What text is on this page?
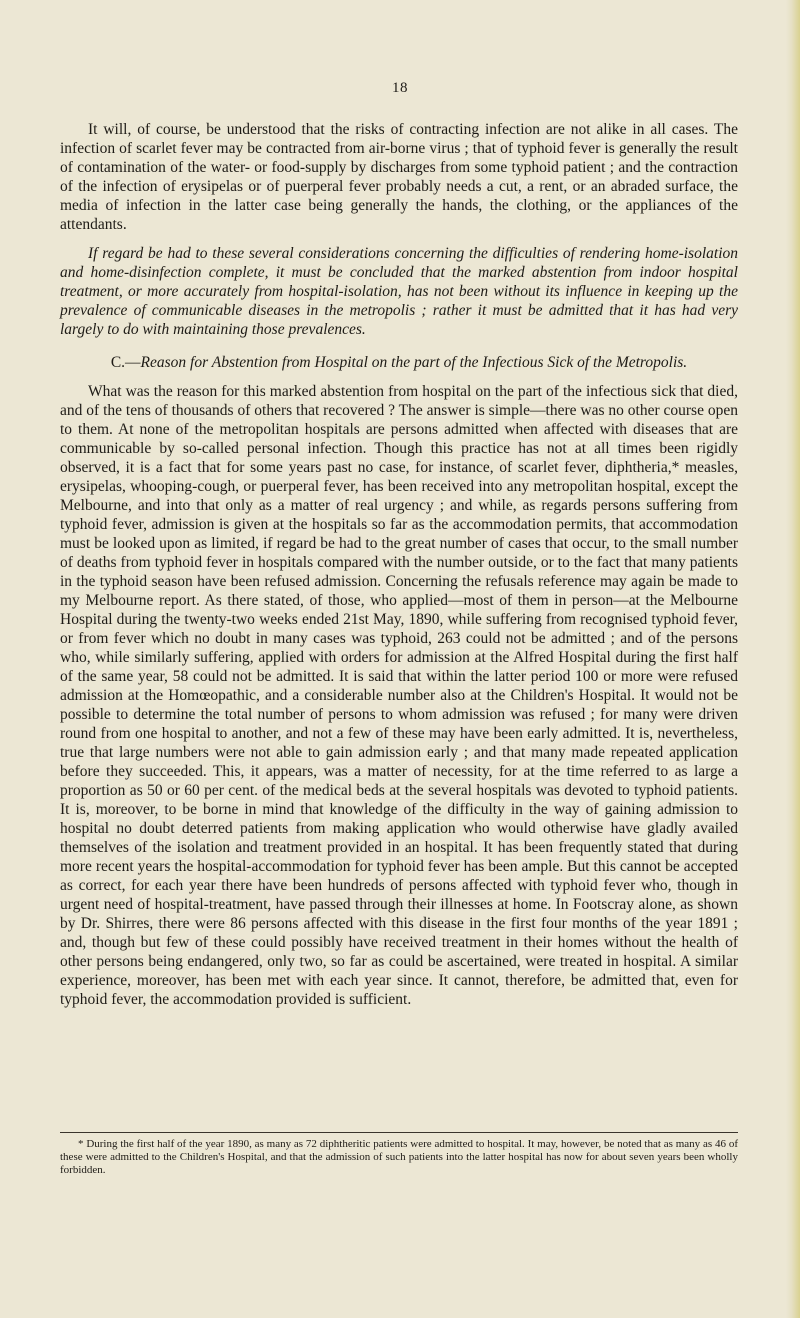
18

It will, of course, be understood that the risks of contracting infection are not alike in all cases. The infection of scarlet fever may be contracted from air-borne virus ; that of typhoid fever is generally the result of contamination of the water- or food-supply by discharges from some typhoid patient ; and the contraction of the infection of erysipelas or of puerperal fever probably needs a cut, a rent, or an abraded surface, the media of infection in the latter case being generally the hands, the clothing, or the appliances of the attendants.

If regard be had to these several considerations concerning the difficulties of rendering home-isolation and home-disinfection complete, it must be concluded that the marked abstention from indoor hospital treatment, or more accurately from hospital-isolation, has not been without its influence in keeping up the prevalence of communicable diseases in the metropolis ; rather it must be admitted that it has had very largely to do with maintaining those prevalences.

C.—Reason for Abstention from Hospital on the part of the Infectious Sick of the Metropolis.

What was the reason for this marked abstention from hospital on the part of the infectious sick that died, and of the tens of thousands of others that recovered ? The answer is simple—there was no other course open to them. At none of the metropolitan hospitals are persons admitted when affected with diseases that are communicable by so-called personal infection. Though this practice has not at all times been rigidly observed, it is a fact that for some years past no case, for instance, of scarlet fever, diphtheria,* measles, erysipelas, whooping-cough, or puerperal fever, has been received into any metropolitan hospital, except the Melbourne, and into that only as a matter of real urgency ; and while, as regards persons suffering from typhoid fever, admission is given at the hospitals so far as the accommodation permits, that accommodation must be looked upon as limited, if regard be had to the great number of cases that occur, to the small number of deaths from typhoid fever in hospitals compared with the number outside, or to the fact that many patients in the typhoid season have been refused admission. Concerning the refusals reference may again be made to my Melbourne report. As there stated, of those, who applied—most of them in person—at the Melbourne Hospital during the twenty-two weeks ended 21st May, 1890, while suffering from recognised typhoid fever, or from fever which no doubt in many cases was typhoid, 263 could not be admitted ; and of the persons who, while similarly suffering, applied with orders for admission at the Alfred Hospital during the first half of the same year, 58 could not be admitted. It is said that within the latter period 100 or more were refused admission at the Homœopathic, and a considerable number also at the Children's Hospital. It would not be possible to determine the total number of persons to whom admission was refused ; for many were driven round from one hospital to another, and not a few of these may have been early admitted. It is, nevertheless, true that large numbers were not able to gain admission early ; and that many made repeated application before they succeeded. This, it appears, was a matter of necessity, for at the time referred to as large a proportion as 50 or 60 per cent. of the medical beds at the several hospitals was devoted to typhoid patients. It is, moreover, to be borne in mind that knowledge of the difficulty in the way of gaining admission to hospital no doubt deterred patients from making application who would otherwise have gladly availed themselves of the isolation and treatment provided in an hospital. It has been frequently stated that during more recent years the hospital-accommodation for typhoid fever has been ample. But this cannot be accepted as correct, for each year there have been hundreds of persons affected with typhoid fever who, though in urgent need of hospital-treatment, have passed through their illnesses at home. In Footscray alone, as shown by Dr. Shirres, there were 86 persons affected with this disease in the first four months of the year 1891 ; and, though but few of these could possibly have received treatment in their homes without the health of other persons being endangered, only two, so far as could be ascertained, were treated in hospital. A similar experience, moreover, has been met with each year since. It cannot, therefore, be admitted that, even for typhoid fever, the accommodation provided is sufficient.

* During the first half of the year 1890, as many as 72 diphtheritic patients were admitted to hospital. It may, however, be noted that as many as 46 of these were admitted to the Children's Hospital, and that the admission of such patients into the latter hospital has now for about seven years been wholly forbidden.
